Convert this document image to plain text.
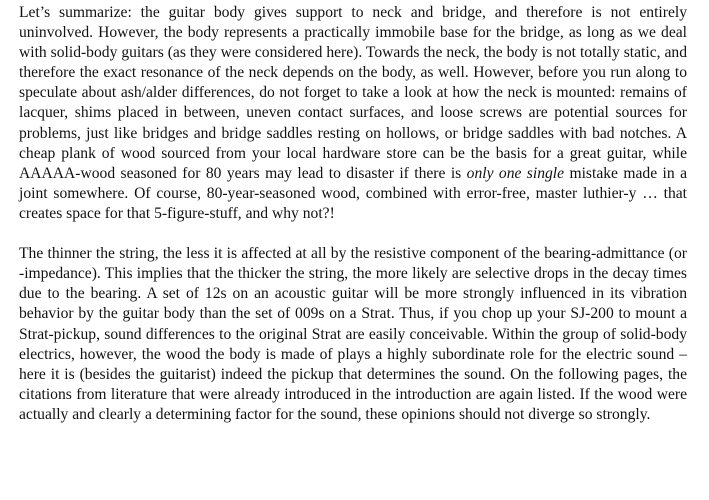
Let’s summarize: the guitar body gives support to neck and bridge, and therefore is not entirely uninvolved. However, the body represents a practically immobile base for the bridge, as long as we deal with solid-body guitars (as they were considered here). Towards the neck, the body is not totally static, and therefore the exact resonance of the neck depends on the body, as well. However, before you run along to speculate about ash/alder differences, do not forget to take a look at how the neck is mounted: remains of lacquer, shims placed in between, uneven contact surfaces, and loose screws are potential sources for problems, just like bridges and bridge saddles resting on hollows, or bridge saddles with bad notches. A cheap plank of wood sourced from your local hardware store can be the basis for a great guitar, while AAAAA-wood seasoned for 80 years may lead to disaster if there is only one single mistake made in a joint somewhere. Of course, 80-year-seasoned wood, combined with error-free, master luthier-y … that creates space for that 5-figure-stuff, and why not?!

The thinner the string, the less it is affected at all by the resistive component of the bearing-admittance (or -impedance). This implies that the thicker the string, the more likely are selective drops in the decay times due to the bearing. A set of 12s on an acoustic guitar will be more strongly influenced in its vibration behavior by the guitar body than the set of 009s on a Strat. Thus, if you chop up your SJ-200 to mount a Strat-pickup, sound differences to the original Strat are easily conceivable. Within the group of solid-body electrics, however, the wood the body is made of plays a highly subordinate role for the electric sound – here it is (besides the guitarist) indeed the pickup that determines the sound. On the following pages, the citations from literature that were already introduced in the introduction are again listed. If the wood were actually and clearly a determining factor for the sound, these opinions should not diverge so strongly.
